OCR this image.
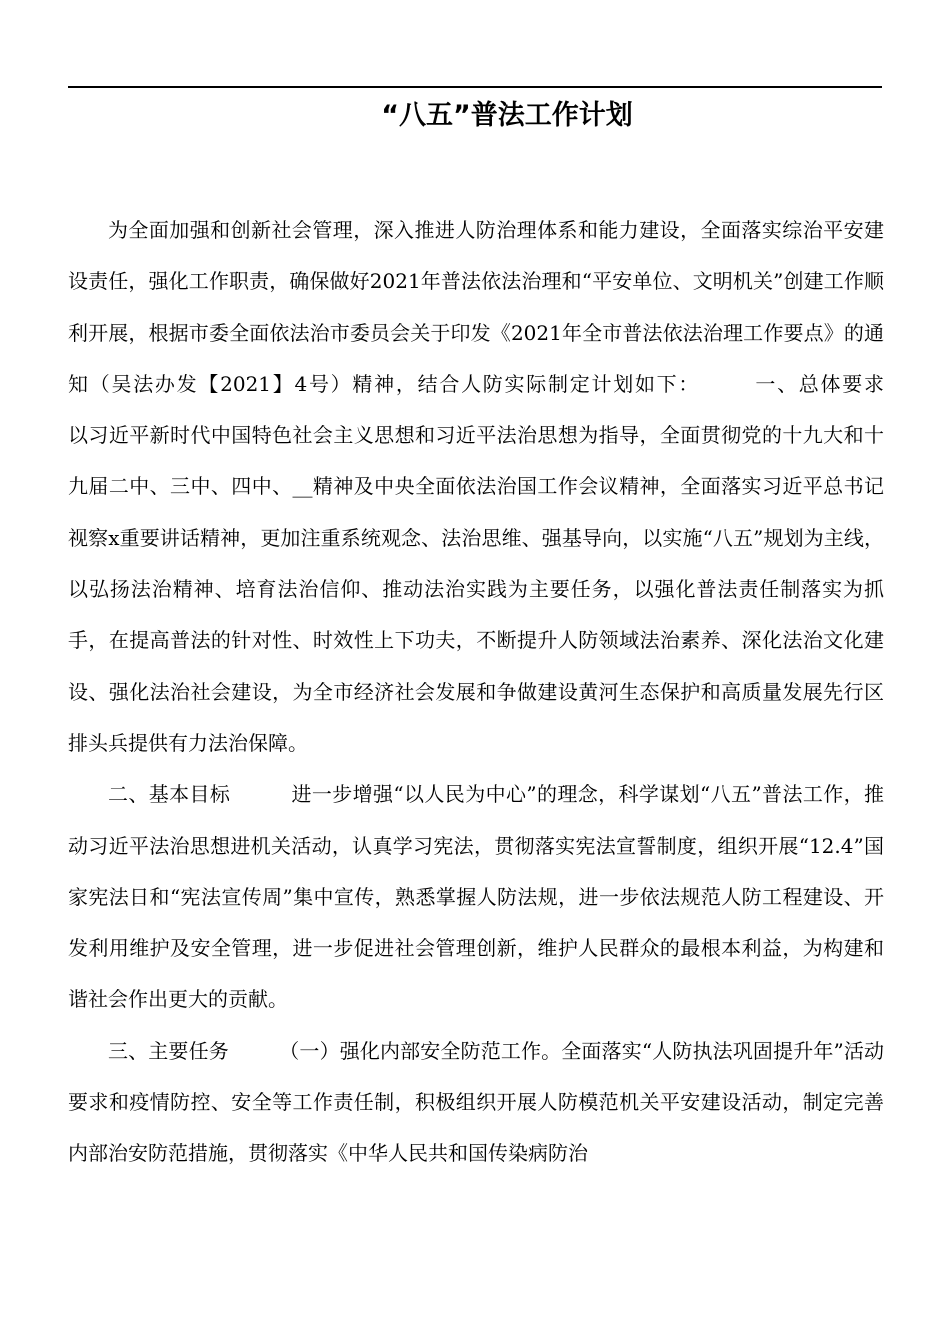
“八五”普法工作计划

为全面加强和创新社会管理，深入推进人防治理体系和能力建设，全面落实综治平安建设责任，强化工作职责，确保做好2021年普法依法治理和“平安单位、文明机关”创建工作顺利开展，根据市委全面依法治市委员会关于印发《2021年全市普法依法治理工作要点》的通知（吴法办发【2021】4号）精神，结合人防实际制定计划如下：　　　一、总体要求　　　以习近平新时代中国特色社会主义思想和习近平法治思想为指导，全面贯彻党的十九大和十九届二中、三中、四中、__精神及中央全面依法治国工作会议精神，全面落实习近平总书记视察x重要讲话精神，更加注重系统观念、法治思维、强基导向，以实施“八五”规划为主线，以弘扬法治精神、培育法治信仰、推动法治实践为主要任务，以强化普法责任制落实为抓手，在提高普法的针对性、时效性上下功夫，不断提升人防领域法治素养、深化法治文化建设、强化法治社会建设，为全市经济社会发展和争做建设黄河生态保护和高质量发展先行区排头兵提供有力法治保障。

二、基本目标　　　进一步增强“以人民为中心”的理念，科学谋划“八五”普法工作，推动习近平法治思想进机关活动，认真学习宪法，贯彻落实宪法宣誓制度，组织开展“12.4”国家宪法日和“宪法宣传周”集中宣传，熟悉掌握人防法规，进一步依法规范人防工程建设、开发利用维护及安全管理，进一步促进社会管理创新，维护人民群众的最根本利益，为构建和谐社会作出更大的贡献。

三、主要任务　　　（一）强化内部安全防范工作。全面落实“人防执法巩固提升年”活动要求和疫情防控、安全等工作责任制，积极组织开展人防模范机关平安建设活动，制定完善内部治安防范措施，贯彻落实《中华人民共和国传染病防治
